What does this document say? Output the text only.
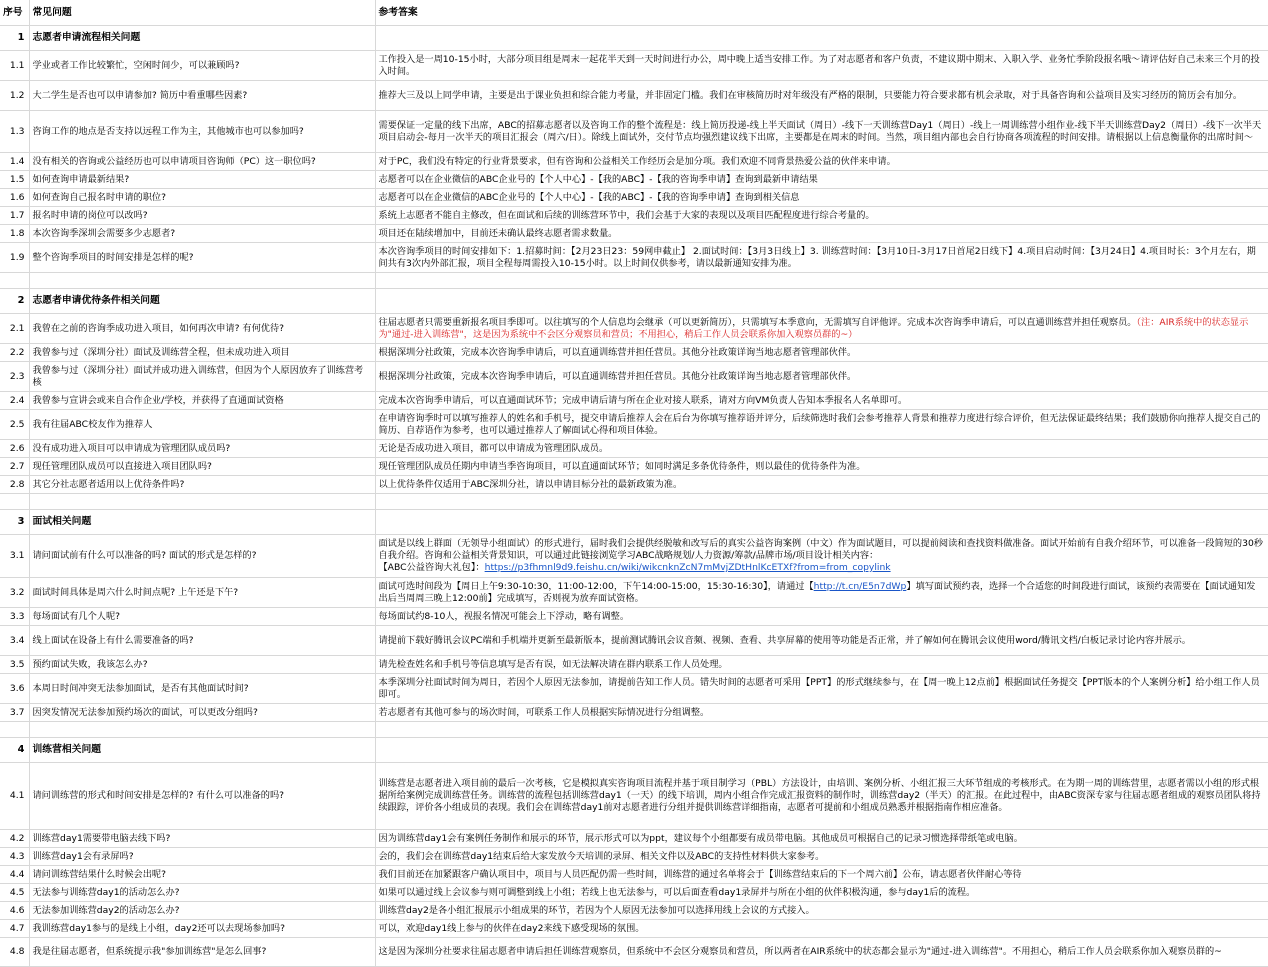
序号	常见问题	参考答案
1	志愿者申请流程相关问题	
1.1	学业或者工作比较繁忙，空闲时间少，可以兼顾吗?	工作投入是一周10-15小时，大部分项目组是周末一起花半天到一天时间进行办公，周中晚上适当安排工作。为了对志愿者和客户负责，不建议期中期末、入职入学、业务忙季阶段报名哦～请评估好自己未来三个月的投入时间。
1.2	大二学生是否也可以申请参加? 简历中看重哪些因素?	推荐大三及以上同学申请，主要是出于课业负担和综合能力考量，并非固定门槛。我们在审核简历时对年级没有严格的限制，只要能力符合要求都有机会录取，对于具备咨询和公益项目及实习经历的简历会有加分。
1.3	咨询工作的地点是否支持以远程工作为主，其他城市也可以参加吗?	需要保证一定量的线下出席，ABC的招募志愿者以及咨询工作的整个流程是：线上简历投递-线上半天面试（周日）-线下一天训练营Day1（周日）-线上一周训练营小组作业-线下半天训练营Day2（周日）-线下一次半天项目启动会-每月一次半天的项目汇报会（周六/日）。除线上面试外，交付节点均强烈建议线下出席，主要都是在周末的时间。当然，项目组内部也会自行协商各项流程的时间安排。请根据以上信息衡量你的出席时间～
1.4	没有相关的咨询或公益经历也可以申请项目咨询师（PC）这一职位吗?	对于PC，我们没有特定的行业背景要求，但有咨询和公益相关工作经历会是加分项。我们欢迎不同背景热爱公益的伙伴来申请。
1.5	如何查询申请最新结果?	志愿者可以在企业微信的ABC企业号的【个人中心】-【我的ABC】-【我的咨询季申请】查询到最新申请结果
1.6	如何查询自己报名时申请的职位?	志愿者可以在企业微信的ABC企业号的【个人中心】-【我的ABC】-【我的咨询季申请】查询到相关信息
1.7	报名时申请的岗位可以改吗?	系统上志愿者不能自主修改，但在面试和后续的训练营环节中，我们会基于大家的表现以及项目匹配程度进行综合考量的。
1.8	本次咨询季深圳会需要多少志愿者?	项目还在陆续增加中，目前还未确认最终志愿者需求数量。
1.9	整个咨询季项目的时间安排是怎样的呢?	本次咨询季项目的时间安排如下：1.招募时间：【2月23日23：59网申截止】 2.面试时间：【3月3日线上】3. 训练营时间：【3月10日-3月17日首尾2日线下】4.项目启动时间：【3月24日】4.项目时长：3个月左右，期间共有3次内外部汇报，项目全程每周需投入10-15小时。以上时间仅供参考，请以最新通知安排为准。

2	志愿者申请优待条件相关问题	
2.1	我曾在之前的咨询季成功进入项目，如何再次申请? 有何优待?	往届志愿者只需要重新报名项目季即可。以往填写的个人信息均会继承（可以更新简历），只需填写本季意向，无需填写自评他评。完成本次咨询季申请后，可以直通训练营并担任观察员。（注：AIR系统中的状态显示为"通过-进入训练营"，这是因为系统中不会区分观察员和营员；不用担心，稍后工作人员会联系你加入观察员群的~）
2.2	我曾参与过（深圳分社）面试及训练营全程，但未成功进入项目	根据深圳分社政策，完成本次咨询季申请后，可以直通训练营并担任营员。其他分社政策详询当地志愿者管理部伙伴。
2.3	我曾参与过（深圳分社）面试并成功进入训练营，但因为个人原因放弃了训练营考核	根据深圳分社政策，完成本次咨询季申请后，可以直通训练营并担任营员。其他分社政策详询当地志愿者管理部伙伴。
2.4	我曾参与宣讲会或来自合作企业/学校，并获得了直通面试资格	完成本次咨询季申请后，可以直通面试环节；完成申请后请与所在企业对接人联系，请对方向VM负责人告知本季报名人名单即可。
2.5	我有往届ABC校友作为推荐人	在申请咨询季时可以填写推荐人的姓名和手机号，提交申请后推荐人会在后台为你填写推荐语并评分，后续筛选时我们会参考推荐人背景和推荐力度进行综合评价，但无法保证最终结果；我们鼓励你向推荐人提交自己的简历、自荐语作为参考，也可以通过推荐人了解面试心得和项目体验。
2.6	没有成功进入项目可以申请成为管理团队成员吗?	无论是否成功进入项目，都可以申请成为管理团队成员。
2.7	现任管理团队成员可以直接进入项目团队吗?	现任管理团队成员任期内申请当季咨询项目，可以直通面试环节；如同时满足多条优待条件，则以最佳的优待条件为准。
2.8	其它分社志愿者适用以上优待条件吗?	以上优待条件仅适用于ABC深圳分社，请以申请目标分社的最新政策为准。

3	面试相关问题	
3.1	请问面试前有什么可以准备的吗? 面试的形式是怎样的?	面试是以线上群面（无领导小组面试）的形式进行，届时我们会提供经脱敏和改写后的真实公益咨询案例（中文）作为面试题目，可以提前阅读和查找资料做准备。面试开始前有自我介绍环节，可以准备一段简短的30秒自我介绍。咨询和公益相关背景知识，可以通过此链接浏览学习ABC战略规划/人力资源/筹款/品牌市场/项目设计相关内容：
【ABC公益咨询大礼包】：https://p3fhmnl9d9.feishu.cn/wiki/wikcnknZcN7mMvjZDtHnlKcETXf?from=from_copylink
3.2	面试时间具体是周六什么时间点呢? 上午还是下午?	面试可选时间段为【周日上午9:30-10:30，11:00-12:00，下午14:00-15:00，15:30-16:30】，请通过【http://t.cn/E5n7dWp】填写面试预约表，选择一个合适您的时间段进行面试，该预约表需要在【面试通知发出后当周周三晚上12:00前】完成填写，否则视为放弃面试资格。
3.3	每场面试有几个人呢?	每场面试约8-10人，视报名情况可能会上下浮动，略有调整。
3.4	线上面试在设备上有什么需要准备的吗?	请提前下载好腾讯会议PC端和手机端并更新至最新版本，提前测试腾讯会议音频、视频、查看、共享屏幕的使用等功能是否正常，并了解如何在腾讯会议使用word/腾讯文档/白板记录讨论内容并展示。
3.5	预约面试失败，我该怎么办?	请先检查姓名和手机号等信息填写是否有误，如无法解决请在群内联系工作人员处理。
3.6	本周日时间冲突无法参加面试，是否有其他面试时间?	本季深圳分社面试时间为周日，若因个人原因无法参加，请提前告知工作人员。错失时间的志愿者可采用【PPT】的形式继续参与，在【周一晚上12点前】根据面试任务提交【PPT版本的个人案例分析】给小组工作人员即可。
3.7	因突发情况无法参加预约场次的面试，可以更改分组吗?	若志愿者有其他可参与的场次时间，可联系工作人员根据实际情况进行分组调整。

4	训练营相关问题	
4.1	请问训练营的形式和时间安排是怎样的? 有什么可以准备的吗?	训练营是志愿者进入项目前的最后一次考核，它是模拟真实咨询项目流程并基于项目制学习（PBL）方法设计，由培训、案例分析、小组汇报三大环节组成的考核形式。在为期一周的训练营里，志愿者需以小组的形式根据所给案例完成训练营任务。训练营的流程包括训练营day1（一天）的线下培训，周内小组合作完成汇报资料的制作时，训练营day2（半天）的汇报。在此过程中，由ABC资深专家与往届志愿者组成的观察员团队将持续跟踪，评价各小组成员的表现。我们会在训练营day1前对志愿者进行分组并提供训练营详细指南，志愿者可提前和小组成员熟悉并根据指南作相应准备。
4.2	训练营day1需要带电脑去线下吗?	因为训练营day1会有案例任务制作和展示的环节，展示形式可以为ppt，建议每个小组都要有成员带电脑。其他成员可根据自己的记录习惯选择带纸笔或电脑。
4.3	训练营day1会有录屏吗?	会的，我们会在训练营day1结束后给大家发放今天培训的录屏、相关文件以及ABC的支持性材料供大家参考。
4.4	请问训练营结果什么时候会出呢?	我们目前还在加紧跟客户确认项目中，项目与人员匹配仍需一些时间，训练营的通过名单将会于【训练营结束后的下一个周六前】公布，请志愿者伙伴耐心等待
4.5	无法参与训练营day1的活动怎么办?	如果可以通过线上会议参与则可调整到线上小组；若线上也无法参与，可以后面查看day1录屏并与所在小组的伙伴积极沟通，参与day1后的流程。
4.6	无法参加训练营day2的活动怎么办?	训练营day2是各小组汇报展示小组成果的环节，若因为个人原因无法参加可以选择用线上会议的方式接入。
4.7	我训练营day1参与的是线上小组，day2还可以去现场参加吗?	可以，欢迎day1线上参与的伙伴在day2来线下感受现场的氛围。
4.8	我是往届志愿者，但系统提示我"参加训练营"是怎么回事?	这是因为深圳分社要求往届志愿者申请后担任训练营观察员，但系统中不会区分观察员和营员，所以两者在AIR系统中的状态都会显示为"通过-进入训练营"。不用担心，稍后工作人员会联系你加入观察员群的~
